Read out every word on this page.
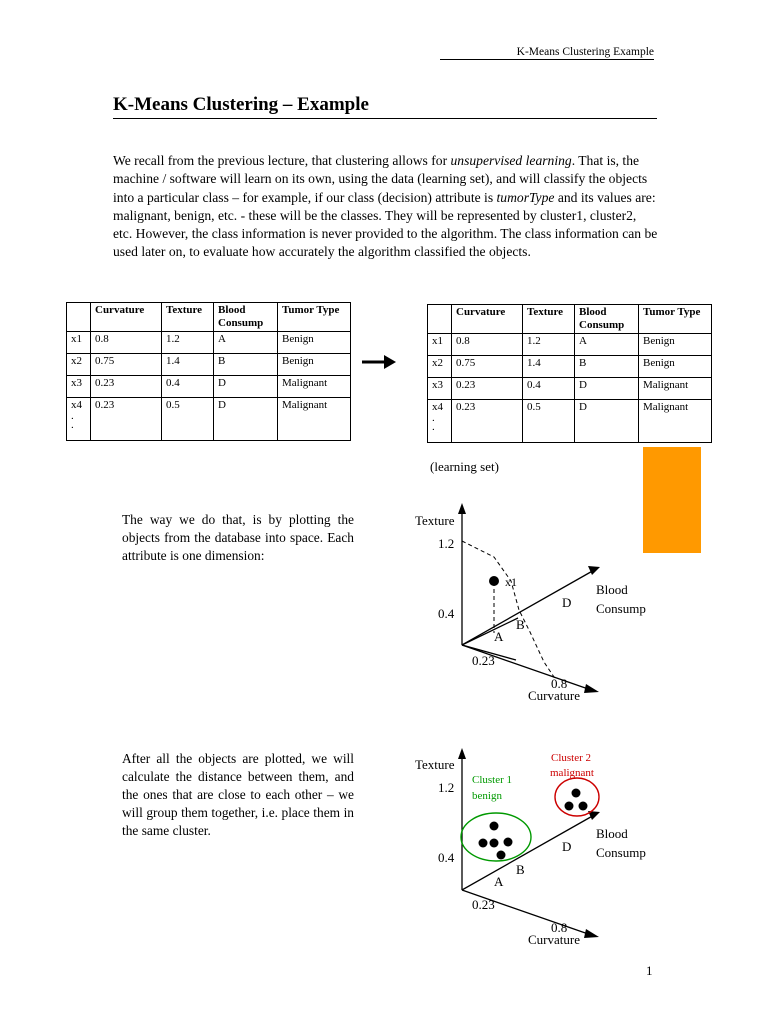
K-Means Clustering Example
K-Means Clustering – Example

We recall from the previous lecture, that clustering allows for unsupervised learning. That is, the machine / software will learn on its own, using the data (learning set), and will classify the objects into a particular class – for example, if our class (decision) attribute is tumorType and its values are: malignant, benign, etc. - these will be the classes. They will be represented by cluster1, cluster2, etc. However, the class information is never provided to the algorithm. The class information can be used later on, to evaluate how accurately the algorithm classified the objects.

	Curvature	Texture	Blood Consump	Tumor Type
x1	0.8	1.2	A	Benign
x2	0.75	1.4	B	Benign
x3	0.23	0.4	D	Malignant
x4
.
.	0.23	0.5	D	Malignant
	Curvature	Texture	Blood Consump	Tumor Type
x1	0.8	1.2	A	Benign
x2	0.75	1.4	B	Benign
x3	0.23	0.4	D	Malignant
x4
.
.	0.23	0.5	D	Malignant
(learning set)

The way we do that, is by plotting the objects from the database into space. Each attribute is one dimension:

After all the objects are plotted, we will calculate the distance between them, and the ones that are close to each other – we will group them together, i.e. place them in the same cluster.

Texture
1.2
0.4
x1
D
B
A
Blood
Consump
0.23
0.8
Curvature
Texture
1.2
0.4
Cluster 1
benign
Cluster 2
malignant
D
B
A
Blood
Consump
0.23
0.8
Curvature
1
